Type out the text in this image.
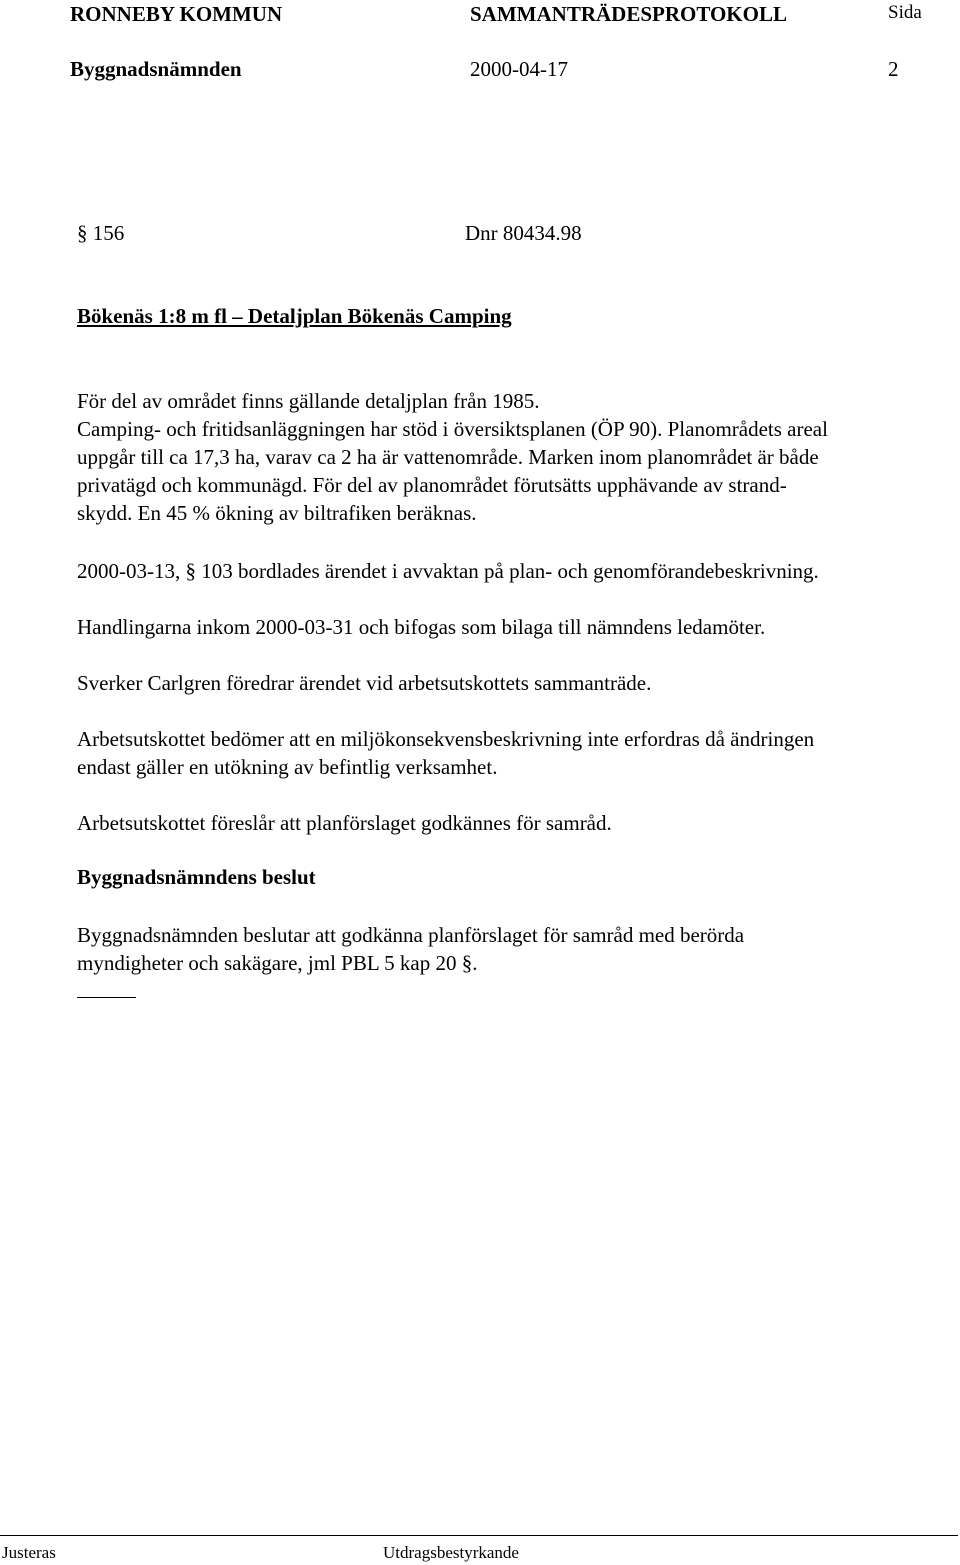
RONNEBY KOMMUN	SAMMANTRÄDESPROTOKOLL	Sida
Byggnadsnämnden	2000-04-17	2
§ 156	Dnr 80434.98
Bökenäs 1:8 m fl – Detaljplan Bökenäs Camping
För del av området finns gällande detaljplan från 1985.
Camping- och fritidsanläggningen har stöd i översiktsplanen (ÖP 90). Planområdets areal
uppgår till ca 17,3 ha, varav ca 2 ha är vattenområde. Marken inom planområdet är både
privatägd och kommunägd. För del av planområdet förutsätts upphävande av strand-
skydd. En 45 % ökning av biltrafiken beräknas.
2000-03-13, § 103 bordlades ärendet i avvaktan på plan- och genomförandebeskrivning.
Handlingarna inkom 2000-03-31 och bifogas som bilaga till nämndens ledamöter.
Sverker Carlgren föredrar ärendet vid arbetsutskottets sammanträde.
Arbetsutskottet bedömer att en miljökonsekvensbeskrivning inte erfordras då ändringen
endast gäller en utökning av befintlig verksamhet.
Arbetsutskottet föreslår att planförslaget godkännes för samråd.
Byggnadsnämndens beslut
Byggnadsnämnden beslutar att godkänna planförslaget för samråd med berörda
myndigheter och sakägare, jml PBL 5 kap 20 §.
Justeras	Utdragsbestyrkande
